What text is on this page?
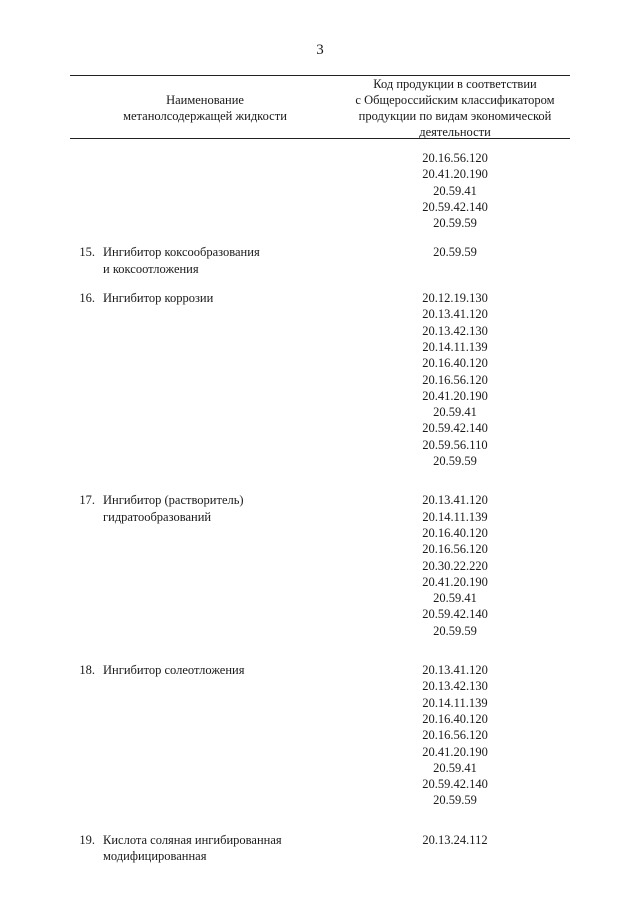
3
Наименование
метанолсодержащей жидкости
Код продукции в соответствии
с Общероссийским классификатором
продукции по видам экономической
деятельности
20.16.56.120
20.41.20.190
20.59.41
20.59.42.140
20.59.59
15. Ингибитор коксообразования
и коксоотложения
20.59.59
16. Ингибитор коррозии	20.12.19.130
20.13.41.120
20.13.42.130
20.14.11.139
20.16.40.120
20.16.56.120
20.41.20.190
20.59.41
20.59.42.140
20.59.56.110
20.59.59
17. Ингибитор (растворитель)
гидратообразований
20.13.41.120
20.14.11.139
20.16.40.120
20.16.56.120
20.30.22.220
20.41.20.190
20.59.41
20.59.42.140
20.59.59
18. Ингибитор солеотложения	20.13.41.120
20.13.42.130
20.14.11.139
20.16.40.120
20.16.56.120
20.41.20.190
20.59.41
20.59.42.140
20.59.59
19. Кислота соляная ингибированная
модифицированная
20.13.24.112
